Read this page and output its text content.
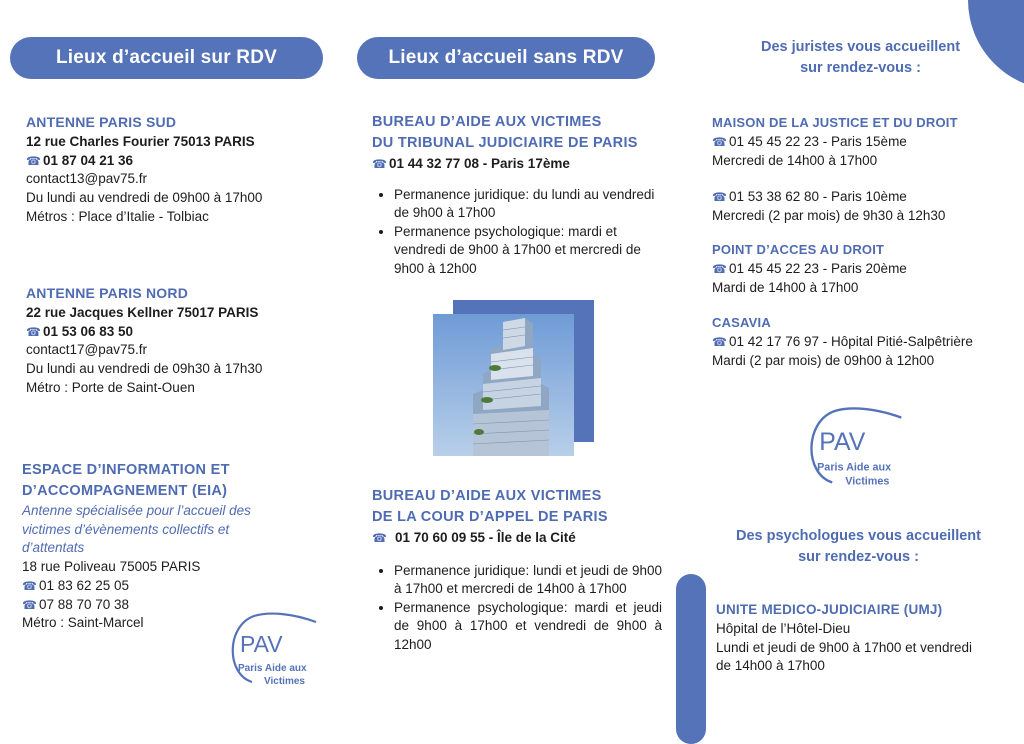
Lieux d’accueil sur RDV
ANTENNE PARIS SUD
12 rue Charles Fourier 75013 PARIS
☎ 01 87 04 21 36
contact13@pav75.fr
Du lundi au vendredi de 09h00 à 17h00
Métros : Place d’Italie - Tolbiac
ANTENNE PARIS NORD
22 rue Jacques Kellner 75017 PARIS
☎ 01 53 06 83 50
contact17@pav75.fr
Du lundi au vendredi de 09h30 à 17h30
Métro : Porte de Saint-Ouen
ESPACE D’INFORMATION ET
D’ACCOMPAGNEMENT (EIA)
Antenne spécialisée pour l’accueil des
victimes d’évènements collectifs et
d’attentats
18 rue Poliveau 75005 PARIS
☎ 01 83 62 25 05
☎ 07 88 70 70 38
Métro : Saint-Marcel
PAV
Paris Aide aux
Victimes
Lieux d’accueil sans RDV
BUREAU D’AIDE AUX VICTIMES
DU TRIBUNAL JUDICIAIRE DE PARIS
☎ 01 44 32 77 08 - Paris 17ème
• Permanence juridique: du lundi au vendredi de 9h00 à 17h00
• Permanence psychologique: mardi et vendredi de 9h00 à 17h00 et mercredi de 9h00 à 12h00
BUREAU D’AIDE AUX VICTIMES
DE LA COUR D’APPEL DE PARIS
☎ 01 70 60 09 55 - Île de la Cité
• Permanence juridique: lundi et jeudi de 9h00 à 17h00 et mercredi de 14h00 à 17h00
• Permanence psychologique: mardi et jeudi de 9h00 à 17h00 et vendredi de 9h00 à 12h00
Des juristes vous accueillent
sur rendez-vous :
MAISON DE LA JUSTICE ET DU DROIT
☎ 01 45 45 22 23 - Paris 15ème
Mercredi de 14h00 à 17h00
☎ 01 53 38 62 80 - Paris 10ème
Mercredi (2 par mois) de 9h30 à 12h30
POINT D’ACCES AU DROIT
☎ 01 45 45 22 23 - Paris 20ème
Mardi de 14h00 à 17h00
CASAVIA
☎ 01 42 17 76 97 - Hôpital Pitié-Salpêtrière
Mardi (2 par mois) de 09h00 à 12h00
PAV
Paris Aide aux
Victimes
Des psychologues vous accueillent
sur rendez-vous :
UNITE MEDICO-JUDICIAIRE (UMJ)
Hôpital de l’Hôtel-Dieu
Lundi et jeudi de 9h00 à 17h00 et vendredi
de 14h00 à 17h00
